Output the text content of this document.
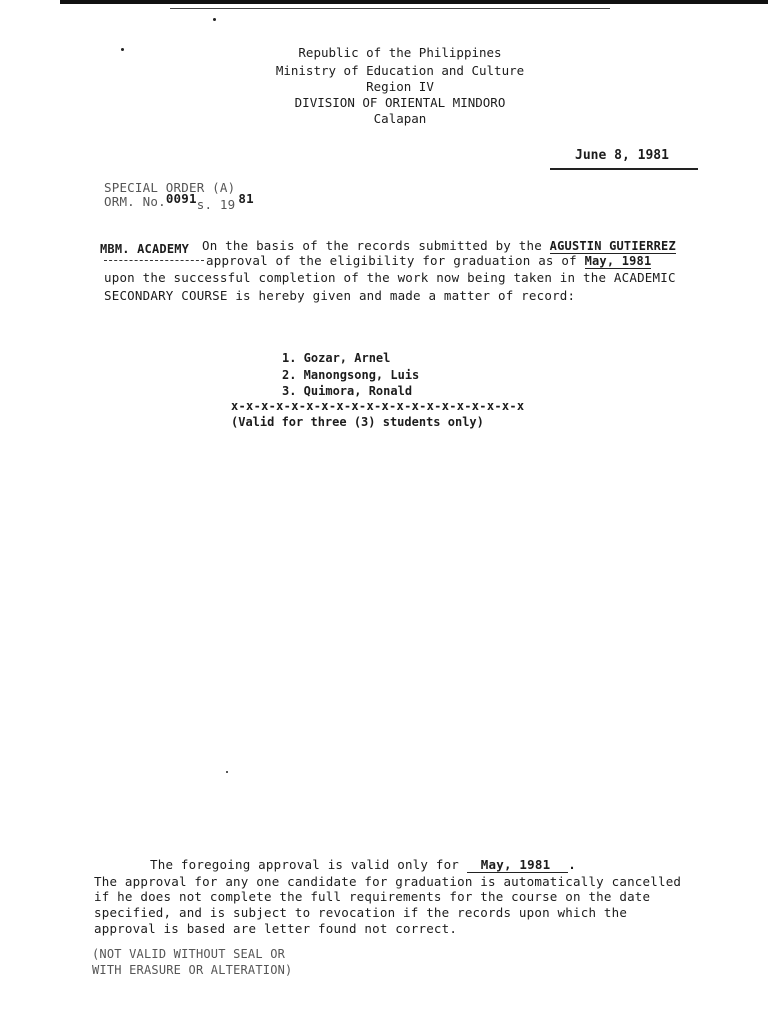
Republic of the Philippines
Ministry of Education and Culture
Region IV
DIVISION OF ORIENTAL MINDORO
Calapan
June 8, 1981
SPECIAL ORDER (A)
ORM. No.0091s. 19 81
MBM. ACADEMY On the basis of the records submitted by the AGUSTIN GUTIERREZ
approval of the eligibility for graduation as of May, 1981
upon the successful completion of the work now being taken in the ACADEMIC
SECONDARY COURSE is hereby given and made a matter of record:
1. Gozar, Arnel
2. Manongsong, Luis
3. Quimora, Ronald
x-x-x-x-x-x-x-x-x-x-x-x-x-x-x-x-x-x-x-x
(Valid for three (3) students only)
The foregoing approval is valid only for May, 1981 .
The approval for any one candidate for graduation is automatically cancelled
if he does not complete the full requirements for the course on the date
specified, and is subject to revocation if the records upon which the
approval is based are letter found not correct.
(NOT VALID WITHOUT SEAL OR
WITH ERASURE OR ALTERATION)
